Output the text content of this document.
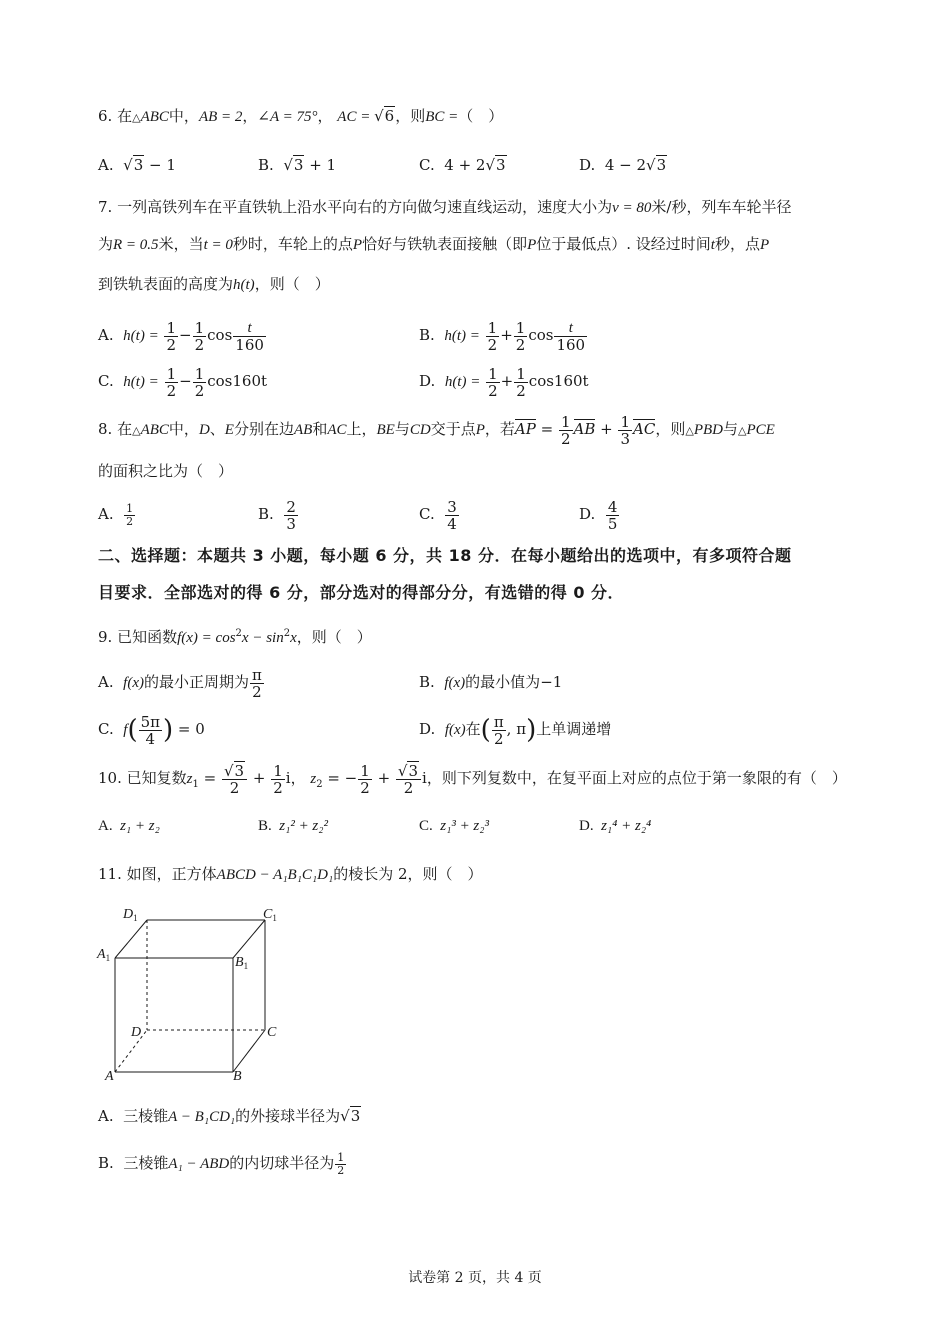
6. 在△ABC中，AB = 2，∠A = 75°， AC = √6，则BC =（　）
A. √3 − 1	B. √3 + 1	C. 4 + 2√3	D. 4 − 2√3
7. 一列高铁列车在平直铁轨上沿水平向右的方向做匀速直线运动，速度大小为v = 80米/秒，列车车轮半径
为R = 0.5米，当t = 0秒时，车轮上的点P恰好与铁轨表面接触（即P位于最低点）. 设经过时间t秒，点P
到铁轨表面的高度为h(t)，则（　）
A. $h(t) = \frac{1}{2} - \frac{1}{2}$ $\cos \frac{t}{160}$	B. $h(t) = \frac{1}{2} + \frac{1}{2}$ $\cos \frac{t}{160}$
C. $h(t) = \frac{1}{2} - \frac{1}{2} \cos 160t$	D. $h(t) = \frac{1}{2} + \frac{1}{2} \cos 160t$
8. 在△ABC中，D、E分别在边AB和AC上，BE与CD交于点P，若AP = $\frac{1}{2}$ AB + $\frac{1}{3}$ AC，则△PBD与△PCE
的面积之比为（　）
A. $\frac{1}{2}$	B. $\frac{2}{3}$	C. $\frac{3}{4}$	D. $\frac{4}{5}$
二、选择题：本题共 3 小题，每小题 6 分，共 18 分．在每小题给出的选项中，有多项符合题
目要求．全部选对的得 6 分，部分选对的得部分分，有选错的得 0 分．
9. 已知函数$f(x) = \cos^2x - \sin^2x$，则（　）
A. f(x)的最小正周期为 $\frac{\pi}{2}$	B. f(x)的最小值为−1
C. $f( \frac{5\pi}{4}$ ) = 0	D. f(x)在( $\frac{\pi}{2}$ , π)上单调递增
10. 已知复数$z_1 = \frac{√3}{2} + \frac{1}{2}$ i， $z_2$ = − $\frac{1}{2} + \frac{√3}{2}$ i，则下列复数中，在复平面上对应的点位于第一象限的有（　）
A. z₁ + z₂	B. z₁² + z₂²	C. z₁³ + z₂³	D. z₁⁴ + z₂⁴
11. 如图，正方体ABCD − A₁B₁C₁D₁的棱长为 2，则（　）
$D_1$	$C_1$
$A_1$	$B_1$
D	C
A	B
A. 三棱锥A − B₁CD₁的外接球半径为√3
B. 三棱锥A₁ − ABD的内切球半径为 $\frac{1}{2}$
试卷第 2 页，共 4 页
